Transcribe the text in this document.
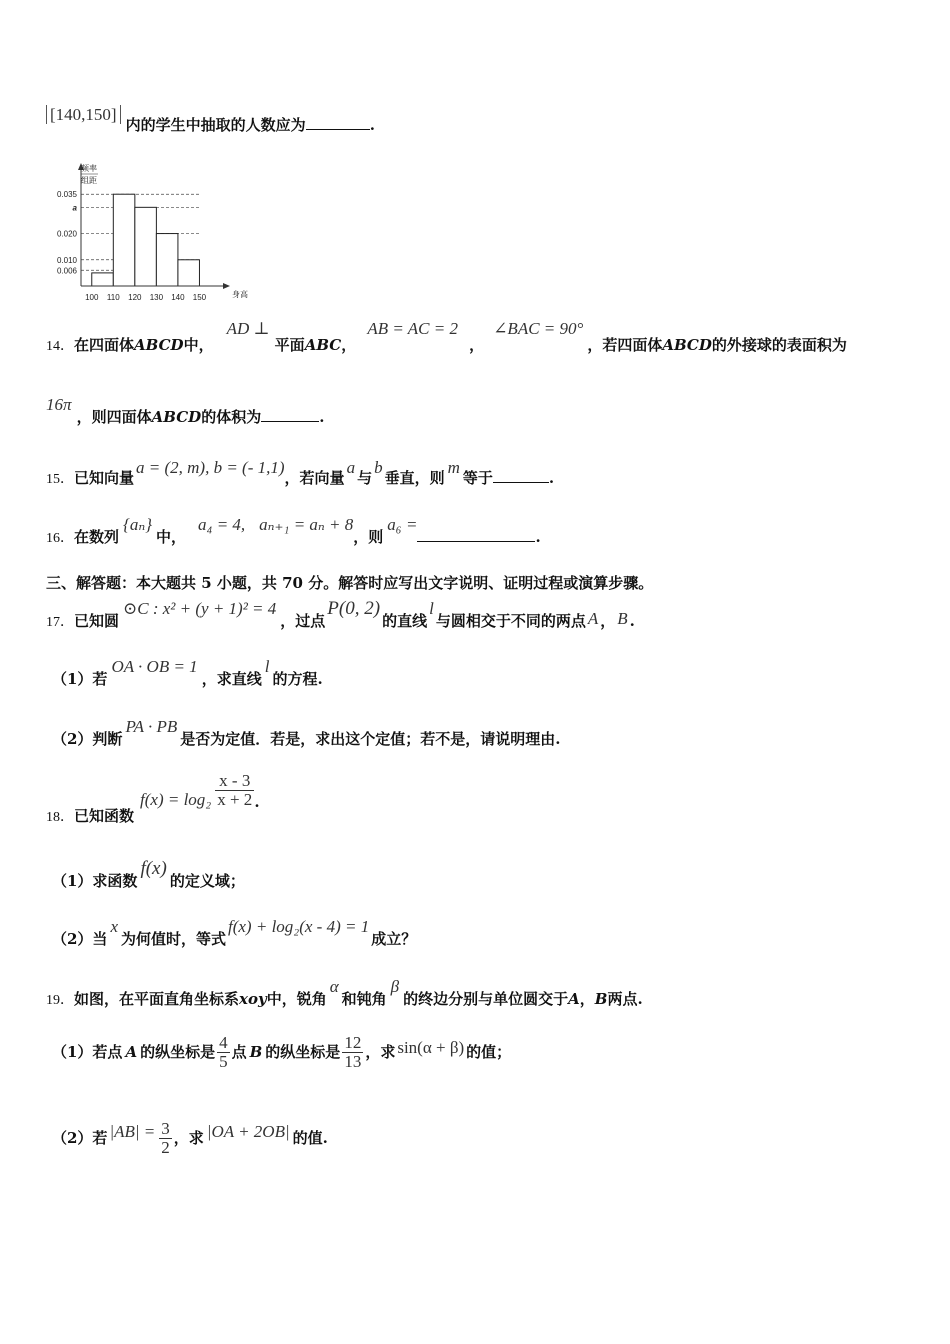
[140,150] 内的学生中抽取的人数应为	.
频率
组距
身高
0.035
a
0.020
0.010
0.006
100 110 120 130 140 150
14．在四面体ABCD中， AD ⊥ 平面ABC， AB = AC = 2 ， ∠BAC = 90°，若四面体ABCD的外接球的表面积为
16π ，则四面体ABCD的体积为	.
15．已知向量a = (2, m), b = (- 1,1)，若向量a与b垂直，则m等于	.
16．在数列{aₙ}中，a₄ = 4, aₙ₊₁ = aₙ + 8，则a₆ =.
三、解答题：本大题共 5 小题，共 70 分。解答时应写出文字说明、证明过程或演算步骤。
17．已知圆⊙C : x² + (y + 1)² = 4，过点P(0, 2)的直线l与圆相交于不同的两点 A ， B .
（1）若OA · OB = 1，求直线l的方程.
（2）判断PA · PB是否为定值．若是，求出这个定值；若不是，请说明理由.
18．已知函数$f(x) = \log_2 \frac{x - 3}{x + 2}$ .
（1）求函数f(x)的定义域；
（2）当x为何值时，等式f(x) + log₂(x - 4) = 1成立？
19．如图，在平面直角坐标系xoy中，锐角α和钝角β的终边分别与单位圆交于A，B两点.
（1）若点 A 的纵坐标是 $\frac{4}{5}$ 点 B 的纵坐标是 $\frac{12}{13}$ ，求 sin(α + β) 的值；
（2）若 $|AB| = \frac{3}{2}$ ，求 |OA + 2OB| 的值.
